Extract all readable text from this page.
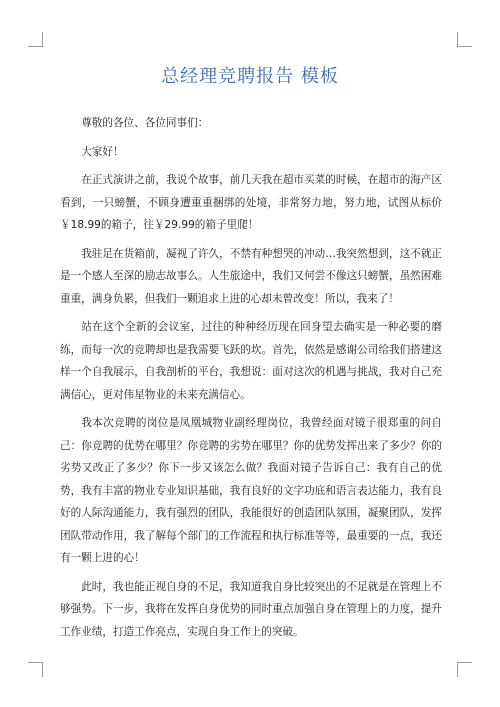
总经理竞聘报告 模板

尊敬的各位、各位同事们：

大家好！

在正式演讲之前，我说个故事，前几天我在超市买菜的时候，在超市的海产区看到，一只螃蟹，不顾身遭重重捆绑的处境，非常努力地，努力地，试图从标价￥18.99的箱子，往￥29.99的箱子里爬！

我驻足在货箱前，凝视了许久，不禁有种想哭的冲动…我突然想到，这不就正是一个感人至深的励志故事么。人生旅途中，我们又何尝不像这只螃蟹，虽然困难重重，满身负累，但我们一颗追求上进的心却未曾改变！所以，我来了！

站在这个全新的会议室，过往的种种经历现在回身望去确实是一种必要的磨练，而每一次的竞聘却也是我需要飞跃的坎。首先，依然是感谢公司给我们搭建这样一个自我展示，自我剖析的平台，我想说：面对这次的机遇与挑战，我对自己充满信心，更对伟星物业的未来充满信心。

我本次竞聘的岗位是凤凰城物业副经理岗位，我曾经面对镜子很郑重的问自己：你竞聘的优势在哪里？你竞聘的劣势在哪里？你的优势发挥出来了多少？你的劣势又改正了多少？你下一步又该怎么做？我面对镜子告诉自己：我有自己的优势，我有丰富的物业专业知识基础，我有良好的文字功底和语言表达能力，我有良好的人际沟通能力，我有强烈的团队，我能很好的创造团队氛围，凝聚团队，发挥团队带动作用，我了解每个部门的工作流程和执行标准等等，最重要的一点，我还有一颗上进的心！

此时，我也能正视自身的不足，我知道我自身比较突出的不足就是在管理上不够强势。下一步，我将在发挥自身优势的同时重点加强自身在管理上的力度，提升工作业绩，打造工作亮点，实现自身工作上的突破。
